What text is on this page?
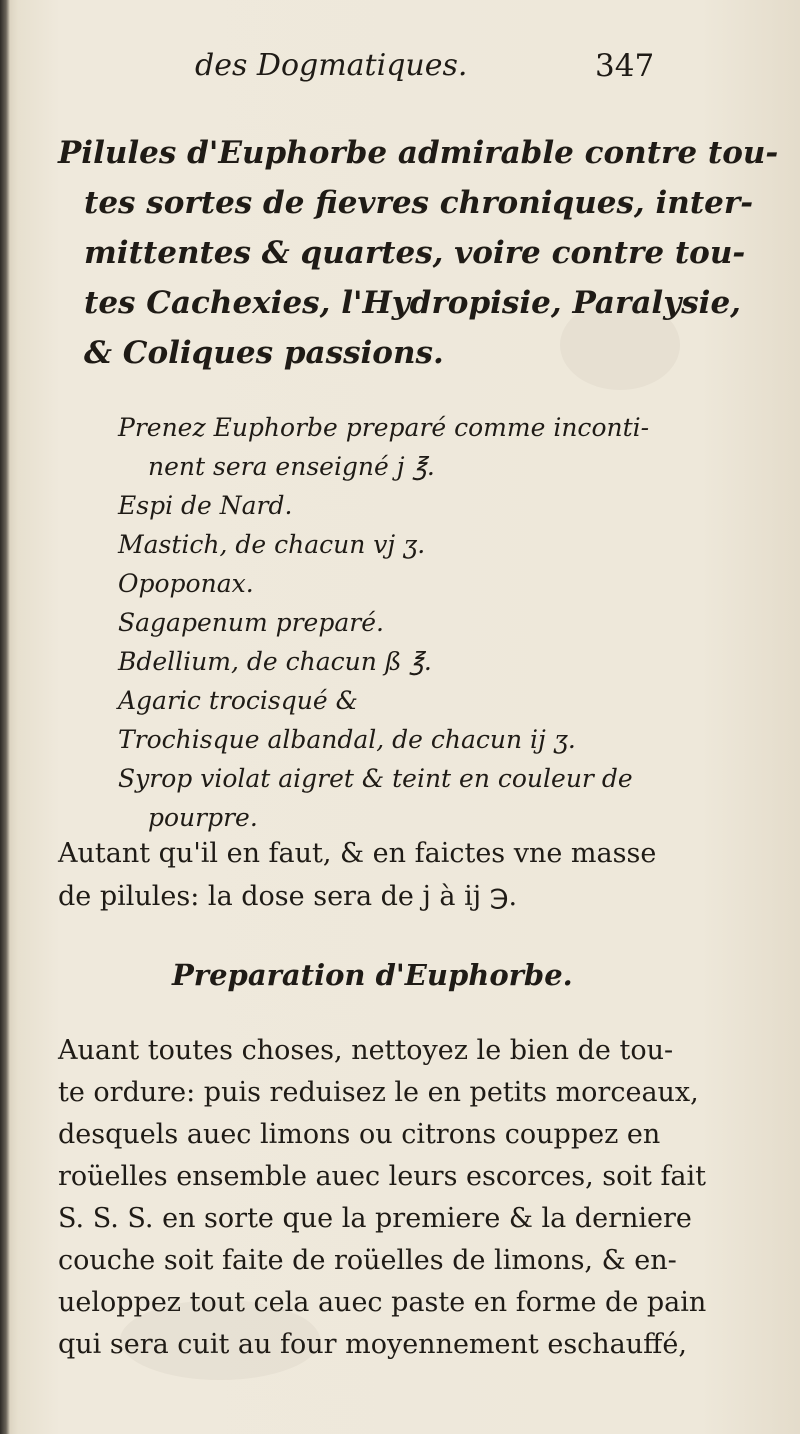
des Dogmatiques.	347
Pilules d'Euphorbe admirable contre tou-
tes sortes de fievres chroniques, inter-
mittentes & quartes, voire contre tou-
tes Cachexies, l'Hydropisie, Paralysie,
& Coliques passions.
Prenez Euphorbe preparé comme inconti-
nent sera enseigné j ℥.
Espi de Nard.
Mastich, de chacun vj ʒ.
Opoponax.
Sagapenum preparé.
Bdellium, de chacun ß ℥.
Agaric trocisqué &
Trochisque albandal, de chacun ij ʒ.
Syrop violat aigret & teint en couleur de
pourpre.
Autant qu'il en faut, & en faictes vne masse
de pilules: la dose sera de j à ij ℈.
Preparation d'Euphorbe.
Auant toutes choses, nettoyez le bien de tou-
te ordure: puis reduisez le en petits morceaux,
desquels auec limons ou citrons couppez en
roüelles ensemble auec leurs escorces, soit fait
S. S. S. en sorte que la premiere & la derniere
couche soit faite de roüelles de limons, & en-
ueloppez tout cela auec paste en forme de pain
qui sera cuit au four moyennement eschauffé,
